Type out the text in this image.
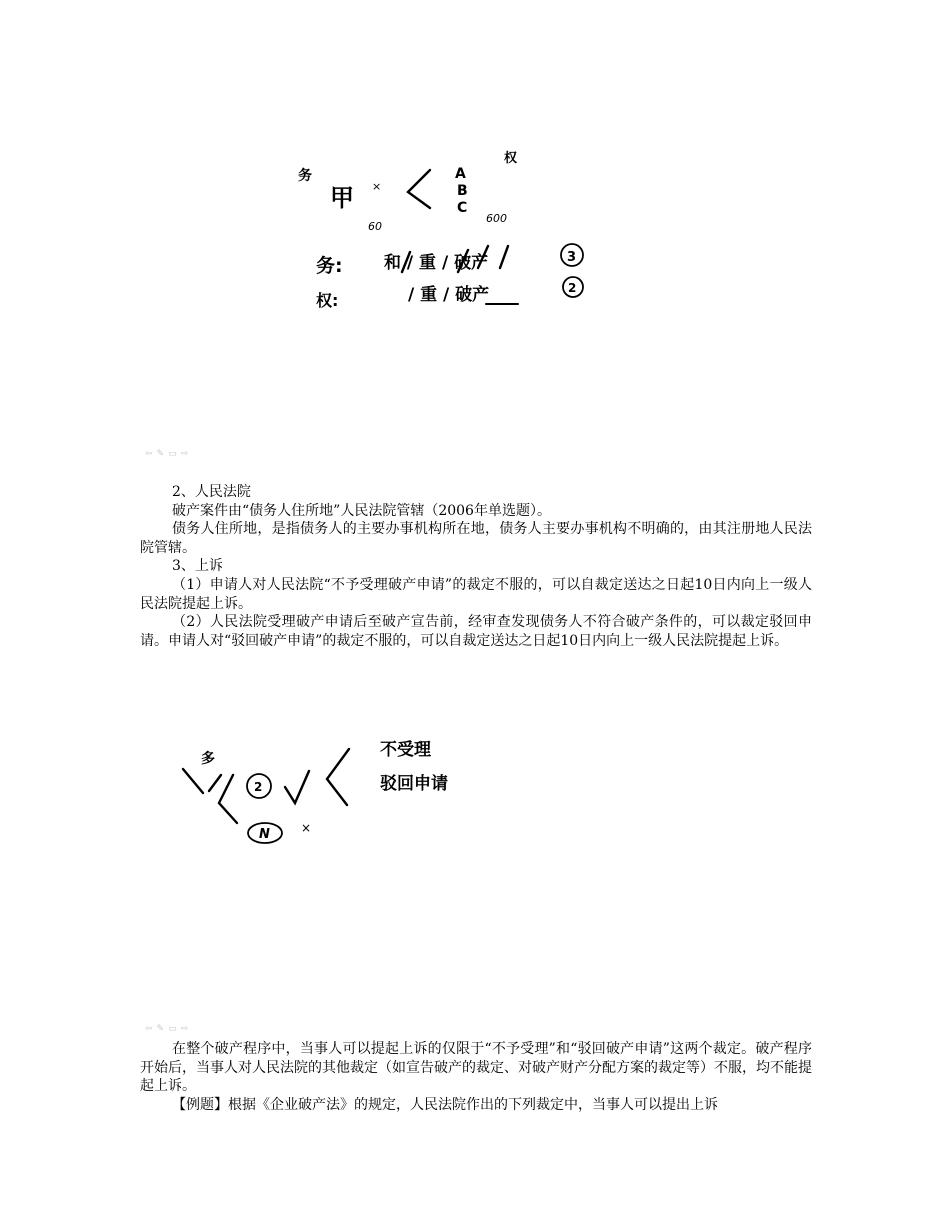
务
甲 ×
60
A
B
C
600
权
务: 和 / 重 / 破产	3
权:	/ 重 / 破产	2
⇦ ✎ ▭ ⇨

2、人民法院

破产案件由“债务人住所地”人民法院管辖（2006年单选题）。

债务人住所地，是指债务人的主要办事机构所在地，债务人主要办事机构不明确的，由其注册地人民法院管辖。

3、上诉

（1）申请人对人民法院“不予受理破产申请”的裁定不服的，可以自裁定送达之日起10日内向上一级人民法院提起上诉。

（2）人民法院受理破产申请后至破产宣告前，经审查发现债务人不符合破产条件的，可以裁定驳回申请。申请人对“驳回破产申请”的裁定不服的，可以自裁定送达之日起10日内向上一级人民法院提起上诉。

多
2
N	×
不受理
驳回申请
⇦ ✎ ▭ ⇨

在整个破产程序中，当事人可以提起上诉的仅限于“不予受理”和“驳回破产申请”这两个裁定。破产程序开始后，当事人对人民法院的其他裁定（如宣告破产的裁定、对破产财产分配方案的裁定等）不服，均不能提起上诉。

【例题】根据《企业破产法》的规定，人民法院作出的下列裁定中，当事人可以提出上诉
